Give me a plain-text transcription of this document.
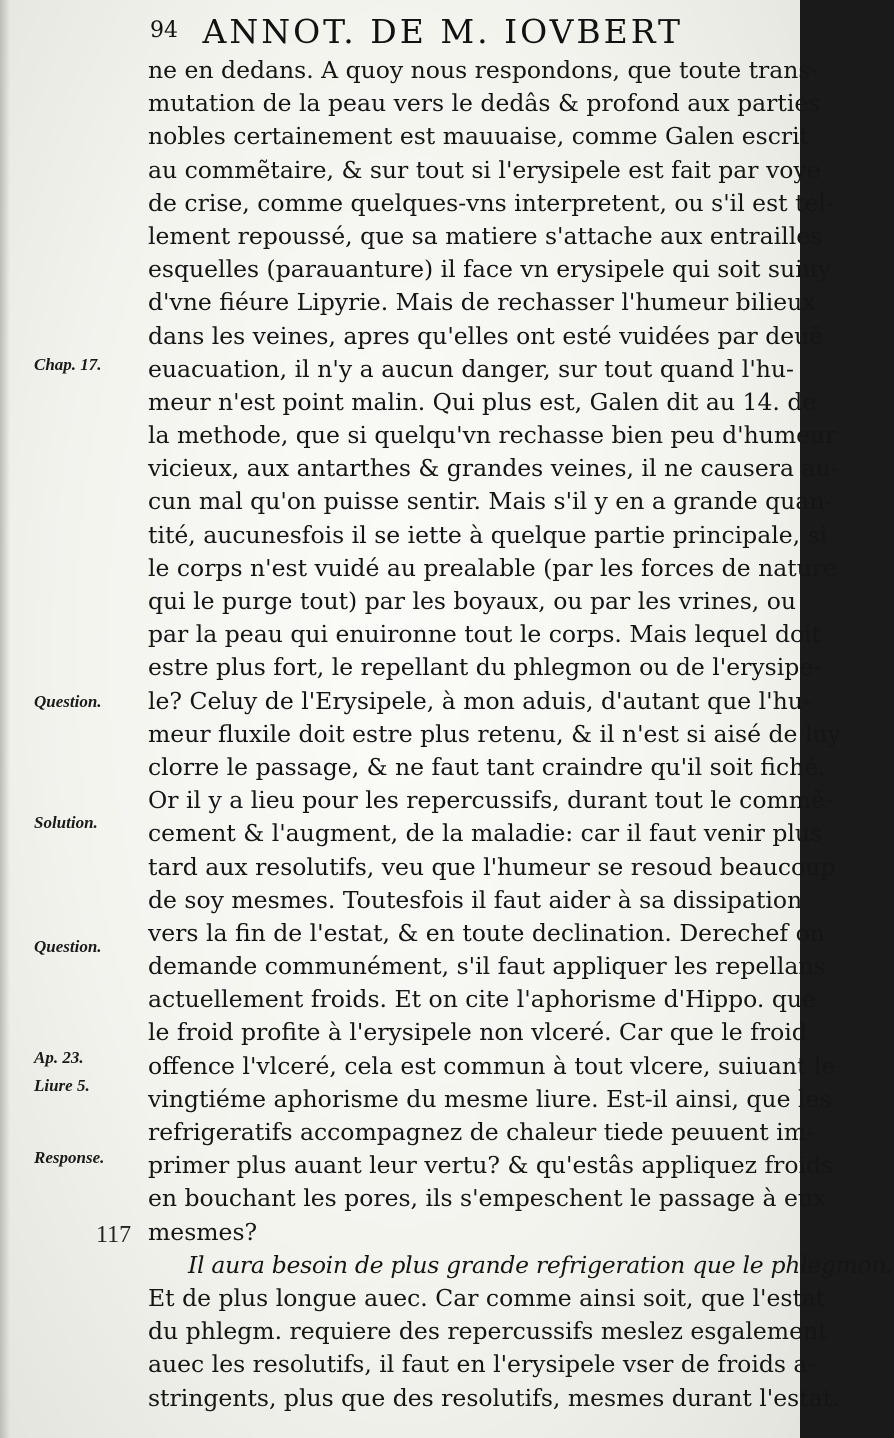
94 ANNOT. DE M. IOVBERT
ne en dedans. A quoy nous respondons, que toute trans-
mutation de la peau vers le dedâs & profond aux parties
nobles certainement est mauuaise, comme Galen escrit
au commẽtaire, & sur tout si l'erysipele est fait par voye
de crise, comme quelques-vns interpretent, ou s'il est tel-
lement repoussé, que sa matiere s'attache aux entrailles
esquelles (parauanture) il face vn erysipele qui soit suiuy
d'vne fiéure Lipyrie. Mais de rechasser l'humeur bilieux
dans les veines, apres qu'elles ont esté vuidées par deuë
euacuation, il n'y a aucun danger, sur tout quand l'hu-
meur n'est point malin. Qui plus est, Galen dit au 14. de
la methode, que si quelqu'vn rechasse bien peu d'humeur
vicieux, aux antarthes & grandes veines, il ne causera au-
cun mal qu'on puisse sentir. Mais s'il y en a grande quan-
tité, aucunesfois il se iette à quelque partie principale, si
le corps n'est vuidé au prealable (par les forces de nature
qui le purge tout) par les boyaux, ou par les vrines, ou
par la peau qui enuironne tout le corps. Mais lequel doit
estre plus fort, le repellant du phlegmon ou de l'erysipe-
le? Celuy de l'Erysipele, à mon aduis, d'autant que l'hu-
meur fluxile doit estre plus retenu, & il n'est si aisé de luy
clorre le passage, & ne faut tant craindre qu'il soit fiché.
Or il y a lieu pour les repercussifs, durant tout le commẽ-
cement & l'augment, de la maladie: car il faut venir plus
tard aux resolutifs, veu que l'humeur se resoud beaucoup
de soy mesmes. Toutesfois il faut aider à sa dissipation
vers la fin de l'estat, & en toute declination. Derechef on
demande communément, s'il faut appliquer les repellans
actuellement froids. Et on cite l'aphorisme d'Hippo. que
le froid profite à l'erysipele non vlceré. Car que le froid
offence l'vlceré, cela est commun à tout vlcere, suiuant le
vingtiéme aphorisme du mesme liure. Est-il ainsi, que les
refrigeratifs accompagnez de chaleur tiede peuuent im-
primer plus auant leur vertu? & qu'estâs appliquez froids
en bouchant les pores, ils s'empeschent le passage à eux
mesmes?
Il aura besoin de plus grande refrigeration que le phlegmon.
Et de plus longue auec. Car comme ainsi soit, que l'estat
du phlegm. requiere des repercussifs meslez esgalement
auec les resolutifs, il faut en l'erysipele vser de froids a-
stringents, plus que des resolutifs, mesmes durant l'estat.
Chap. 17.
Question.
Solution.
Question.
Ap. 23.
Liure 5.
Response.
117
